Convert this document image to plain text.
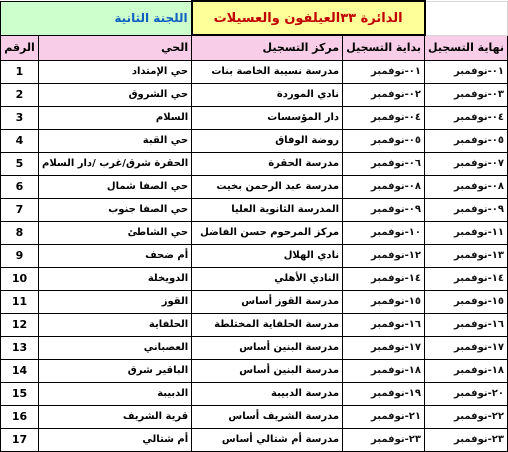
اللجنة الثانية		الدائرة ٣٣العيلفون والعسيلات		
الرقم	الحي	مركز التسجيل	بداية التسجيل	نهاية التسجيل
1	حي الإمتداد	مدرسة نسيبة الخاصة بنات	٠١-نوفمبر	٠١-نوفمبر
2	حي الشروق	نادي الموردة	٠٢-نوفمبر	٠٣-نوفمبر
3	السلام	دار المؤسسات	٠٤-نوفمبر	٠٤-نوفمبر
4	حي القبة	روضة الوفاق	٠٥-نوفمبر	٠٥-نوفمبر
5	الحقرة شرق/غرب /دار السلام	مدرسة الحقرة	٠٦-نوفمبر	٠٧-نوفمبر
6	حي الصفا شمال	مدرسة عبد الرحمن بخيت	٠٨-نوفمبر	٠٨-نوفمبر
7	حي الصفا جنوب	المدرسة الثانوية العليا	٠٩-نوفمبر	٠٩-نوفمبر
8	حي الشاطئ	مركز المرحوم حسن الفاضل	١٠-نوفمبر	١١-نوفمبر
9	أم ضحف	نادي الهلال	١٢-نوفمبر	١٣-نوفمبر
10	الدويخلة	النادي الأهلي	١٤-نوفمبر	١٤-نوفمبر
11	القوز	مدرسة القوز أساس	١٥-نوفمبر	١٥-نوفمبر
12	الحلفاية	مدرسة الحلفاية المختلطة	١٦-نوفمبر	١٦-نوفمبر
13	العصباني	مدرسة البنين أساس	١٧-نوفمبر	١٧-نوفمبر
14	الباقير شرق	مدرسة البنين أساس	١٨-نوفمبر	١٨-نوفمبر
15	الدبيبة	مدرسة الدبيبة	١٩-نوفمبر	٢٠-نوفمبر
16	قرية الشريف	مدرسة الشريف أساس	٢١-نوفمبر	٢٢-نوفمبر
17	أم شتالي	مدرسة أم شتالي أساس	٢٣-نوفمبر	٢٣-نوفمبر
